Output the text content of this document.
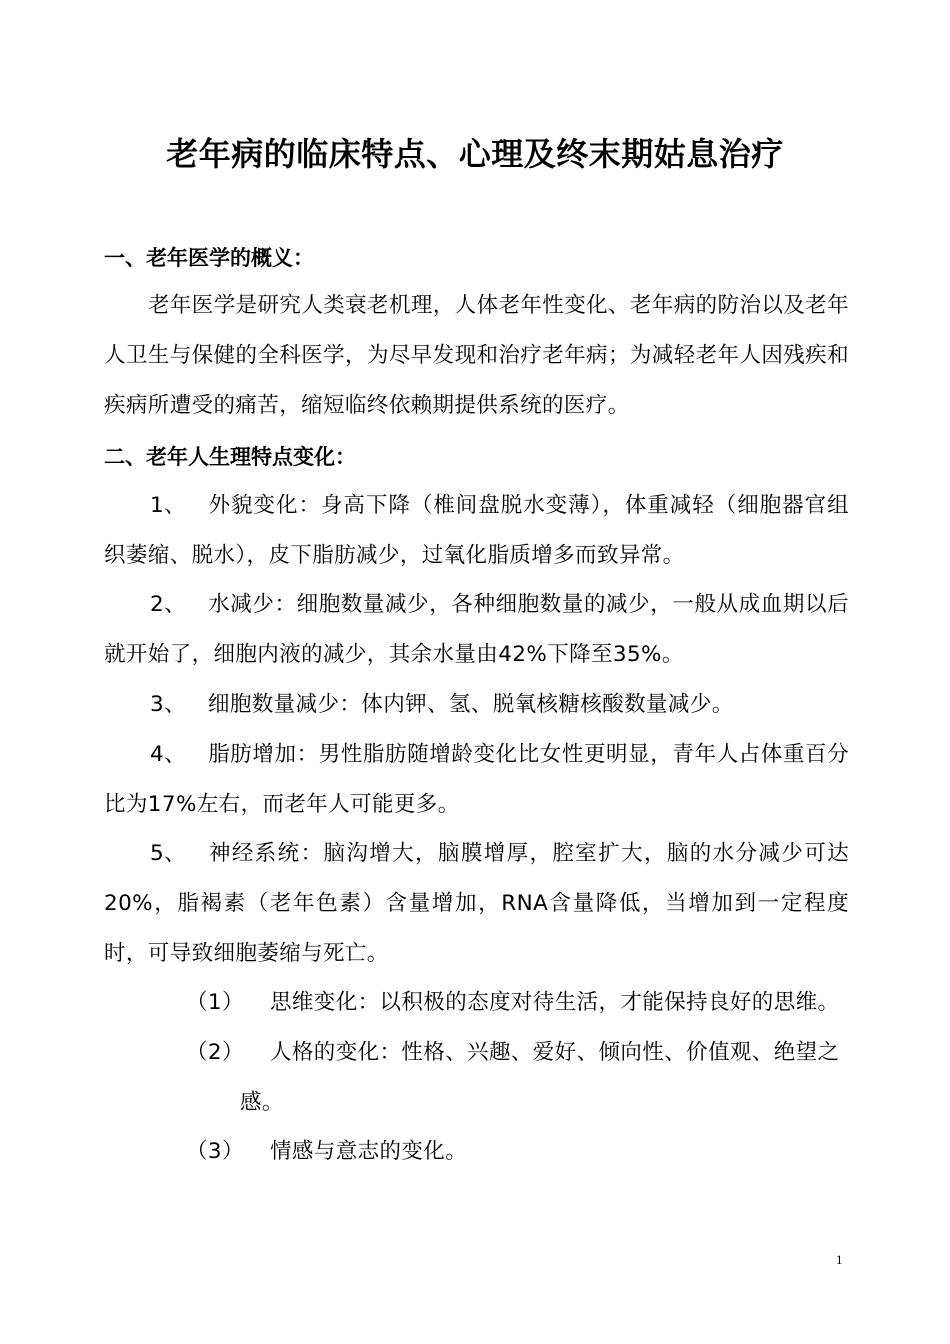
老年病的临床特点、心理及终末期姑息治疗
一、老年医学的概义：
老年医学是研究人类衰老机理，人体老年性变化、老年病的防治以及老年人卫生与保健的全科医学，为尽早发现和治疗老年病；为减轻老年人因残疾和疾病所遭受的痛苦，缩短临终依赖期提供系统的医疗。
二、老年人生理特点变化：
1、 外貌变化：身高下降（椎间盘脱水变薄），体重减轻（细胞器官组织萎缩、脱水），皮下脂肪减少，过氧化脂质增多而致异常。
2、 水减少：细胞数量减少，各种细胞数量的减少，一般从成血期以后就开始了，细胞内液的减少，其余水量由42%下降至35%。
3、 细胞数量减少：体内钾、氢、脱氧核糖核酸数量减少。
4、 脂肪增加：男性脂肪随增龄变化比女性更明显，青年人占体重百分比为17%左右，而老年人可能更多。
5、 神经系统：脑沟增大，脑膜增厚，腔室扩大，脑的水分减少可达20%，脂褐素（老年色素）含量增加，RNA含量降低，当增加到一定程度时，可导致细胞萎缩与死亡。
（1） 思维变化：以积极的态度对待生活，才能保持良好的思维。
（2） 人格的变化：性格、兴趣、爱好、倾向性、价值观、绝望之
感。
（3） 情感与意志的变化。
1
